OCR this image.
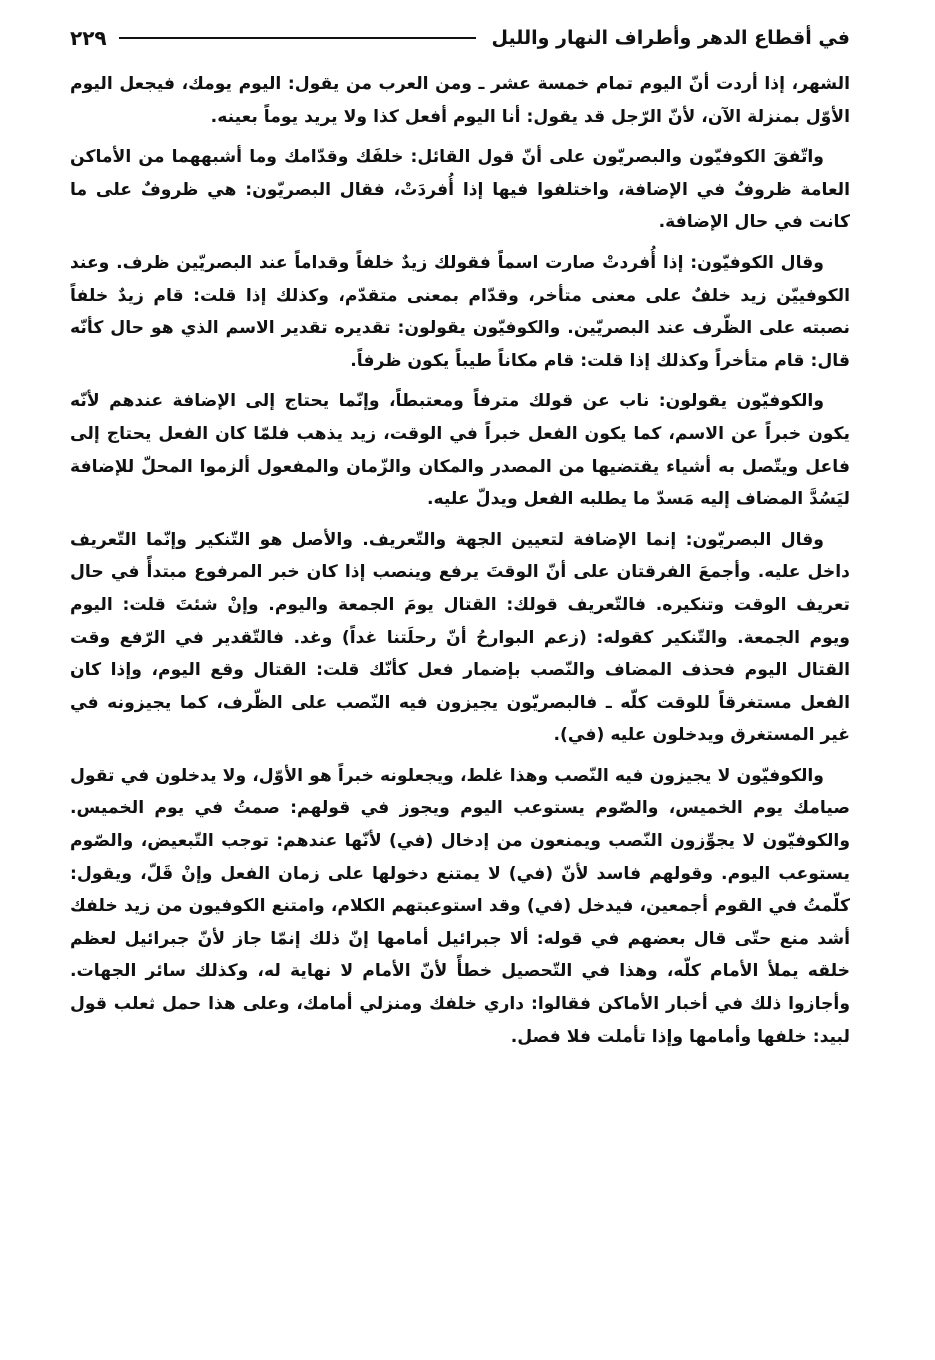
في أقطاع الدهر وأطراف النهار والليل
٢٢٩

الشهر، إذا أردت أنّ اليوم تمام خمسة عشر ـ ومن العرب من يقول: اليوم يومك، فيجعل اليوم الأوّل بمنزلة الآن، لأنّ الرّجل قد يقول: أنا اليوم أفعل كذا ولا يريد يوماً بعينه.

واتّفقَ الكوفيّون والبصريّون على أنّ قول القائل: خلفَك وقدّامك وما أشبههما من الأماكن العامة ظروفٌ في الإضافة، واختلفوا فيها إذا أُفردَتْ، فقال البصريّون: هي ظروفٌ على ما كانت في حال الإضافة.

وقال الكوفيّون: إذا أُفردتْ صارت اسماً فقولك زيدٌ خلفاً وقداماً عند البصريّين ظرف. وعند الكوفييّن زيد خلفٌ على معنى متأخر، وقدّام بمعنى متقدّم، وكذلك إذا قلت: قام زيدٌ خلفاً نصبته على الظّرف عند البصريّين. والكوفيّون يقولون: تقديره تقدير الاسم الذي هو حال كأنّه قال: قام متأخراً وكذلك إذا قلت: قام مكاناً طيباً يكون ظرفاً.

والكوفيّون يقولون: ناب عن قولك مترفاً ومعتبطاً، وإنّما يحتاج إلى الإضافة عندهم لأنّه يكون خبراً عن الاسم، كما يكون الفعل خبراً في الوقت، زيد يذهب فلمّا كان الفعل يحتاج إلى فاعل ويتّصل به أشياء يقتضيها من المصدر والمكان والزّمان والمفعول ألزموا المحلّ للإضافة ليَسُدَّ المضاف إليه مَسدّ ما يطلبه الفعل ويدلّ عليه.

وقال البصريّون: إنما الإضافة لتعيين الجهة والتّعريف. والأصل هو التّنكير وإنّما التّعريف داخل عليه. وأجمعَ الفرقتان على أنّ الوقتَ يرفع وينصب إذا كان خبر المرفوع مبتدأً في حال تعريف الوقت وتنكيره. فالتّعريف قولك: القتال يومَ الجمعة واليوم. وإنْ شئتَ قلت: اليوم ويوم الجمعة. والتّنكير كقوله: (زعم البوارحُ أنّ رحلَتنا غداً) وغد. فالتّقدير في الرّفع وقت القتال اليوم فحذف المضاف والنّصب بإضمار فعل كأنّك قلت: القتال وقع اليوم، وإذا كان الفعل مستغرقاً للوقت كلّه ـ فالبصريّون يجيزون فيه النّصب على الظّرف، كما يجيزونه في غير المستغرق ويدخلون عليه (في).

والكوفيّون لا يجيزون فيه النّصب وهذا غلط، ويجعلونه خبراً هو الأوّل، ولا يدخلون في تقول صيامك يوم الخميس، والصّوم يستوعب اليوم ويجوز في قولهم: صمتُ في يوم الخميس. والكوفيّون لا يجوِّزون النّصب ويمنعون من إدخال (في) لأنّها عندهم: توجب التّبعيض، والصّوم يستوعب اليوم. وقولهم فاسد لأنّ (في) لا يمتنع دخولها على زمان الفعل وإنْ قَلّ، ويقول: كلّمتُ في القوم أجمعين، فيدخل (في) وقد استوعبتهم الكلام، وامتنع الكوفيون من زيد خلفك أشد منع حتّى قال بعضهم في قوله: ألا جبرائيل أمامها إنّ ذلك إنمّا جاز لأنّ جبرائيل لعظم خلقه يملأ الأمام كلّه، وهذا في التّحصيل خطأً لأنّ الأمام لا نهاية له، وكذلك سائر الجهات. وأجازوا ذلك في أخبار الأماكن فقالوا: داري خلفك ومنزلي أمامك، وعلى هذا حمل ثعلب قول لبيد: خلفها وأمامها وإذا تأملت فلا فصل.
